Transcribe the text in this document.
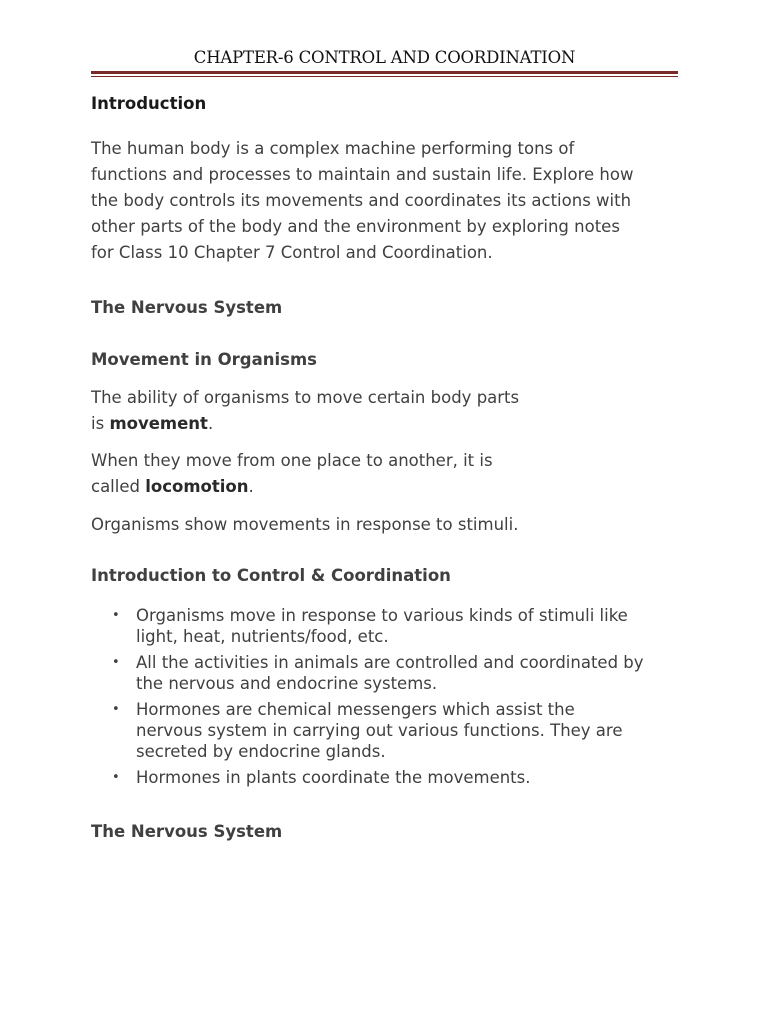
CHAPTER-6 CONTROL AND COORDINATION
Introduction
The human body is a complex machine performing tons of
functions and processes to maintain and sustain life. Explore how
the body controls its movements and coordinates its actions with
other parts of the body and the environment by exploring notes
for Class 10 Chapter 7 Control and Coordination.
The Nervous System
Movement in Organisms
The ability of organisms to move certain body parts
is movement.
When they move from one place to another, it is
called locomotion.
Organisms show movements in response to stimuli.
Introduction to Control & Coordination
• Organisms move in response to various kinds of stimuli like
light, heat, nutrients/food, etc.
• All the activities in animals are controlled and coordinated by
the nervous and endocrine systems.
• Hormones are chemical messengers which assist the
nervous system in carrying out various functions. They are
secreted by endocrine glands.
• Hormones in plants coordinate the movements.
The Nervous System
